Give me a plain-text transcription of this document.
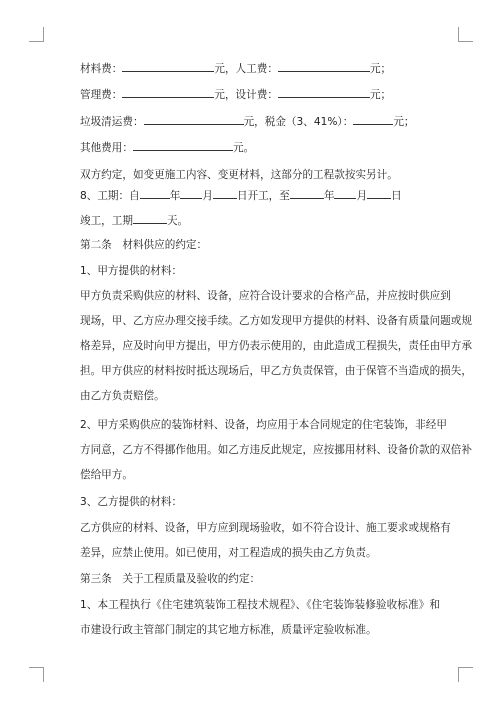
材料费：	元，人工费：	元；
管理费：	元，设计费：	元；
垃圾清运费：	元，税金（3、41%）：	元；
其他费用：	元。
双方约定，如变更施工内容、变更材料，这部分的工程款按实另计。
8、工期：自	年 月 日开工，至	年 月 日
竣工，工期	天。
第二条　材料供应的约定：
1、甲方提供的材料：
甲方负责采购供应的材料、设备，应符合设计要求的合格产品，并应按时供应到
现场，甲、乙方应办理交接手续。乙方如发现甲方提供的材料、设备有质量问题或规
格差异，应及时向甲方提出，甲方仍表示使用的，由此造成工程损失，责任由甲方承
担。甲方供应的材料按时抵达现场后，甲乙方负责保管，由于保管不当造成的损失，
由乙方负责赔偿。
2、甲方采购供应的装饰材料、设备，均应用于本合同规定的住宅装饰，非经甲
方同意，乙方不得挪作他用。如乙方违反此规定，应按挪用材料、设备价款的双倍补
偿给甲方。
3、乙方提供的材料：
乙方供应的材料、设备，甲方应到现场验收，如不符合设计、施工要求或规格有
差异，应禁止使用。如已使用，对工程造成的损失由乙方负责。
第三条　关于工程质量及验收的约定：
1、本工程执行《住宅建筑装饰工程技术规程》、《住宅装饰装修验收标准》和
市建设行政主管部门制定的其它地方标准，质量评定验收标准。
